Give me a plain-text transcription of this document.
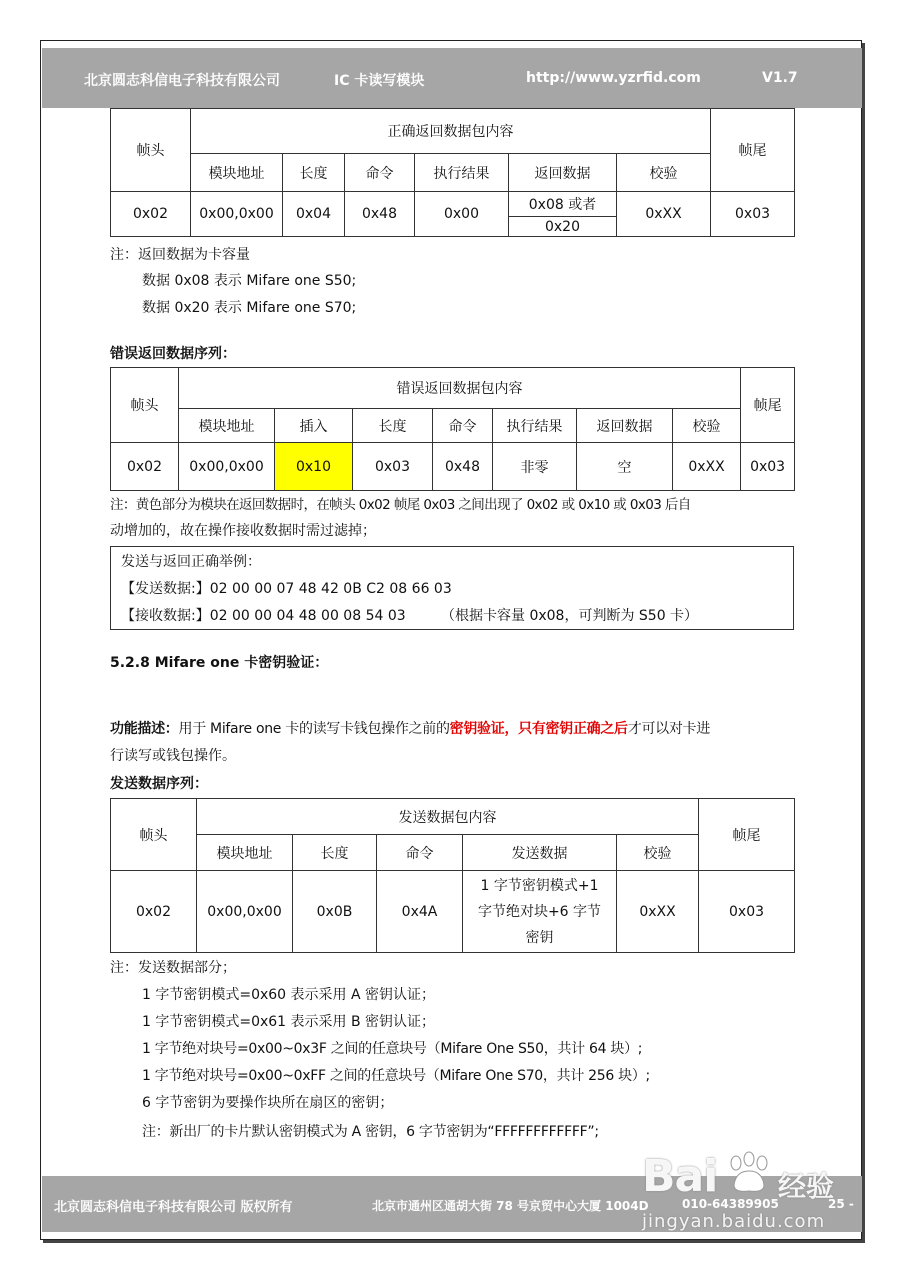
北京圆志科信电子科技有限公司	IC 卡读写模块	http://www.yzrfid.com	V1.7
帧头	正确返回数据包内容						帧尾
	模块地址	长度	命令	执行结果	返回数据	校验	
0x02	0x00,0x00	0x04	0x48	0x00	0x08 或者	0xXX	0x03
					0x20		
注：返回数据为卡容量
数据 0x08 表示 Mifare one S50;
数据 0x20 表示 Mifare one S70;
错误返回数据序列：
帧头	错误返回数据包内容							帧尾
	模块地址	插入	长度	命令	执行结果	返回数据	校验	
0x02	0x00,0x00	0x10	0x03	0x48	非零	空	0xXX	0x03
注：黄色部分为模块在返回数据时，在帧头 0x02 帧尾 0x03 之间出现了 0x02 或 0x10 或 0x03 后自
动增加的，故在操作接收数据时需过滤掉；
发送与返回正确举例：
【发送数据:】02 00 00 07 48 42 0B C2 08 66 03
【接收数据:】02 00 00 04 48 00 08 54 03	（根据卡容量 0x08，可判断为 S50 卡）
5.2.8 Mifare one 卡密钥验证：
功能描述：用于 Mifare one 卡的读写卡钱包操作之前的密钥验证，只有密钥正确之后才可以对卡进
行读写或钱包操作。
发送数据序列：
帧头	发送数据包内容					帧尾
	模块地址	长度	命令	发送数据	校验	
0x02	0x00,0x00	0x0B	0x4A	1 字节密钥模式+1
字节绝对块+6 字节
密钥	0xXX	0x03
注：发送数据部分；
1 字节密钥模式=0x60 表示采用 A 密钥认证；
1 字节密钥模式=0x61 表示采用 B 密钥认证；
1 字节绝对块号=0x00~0x3F 之间的任意块号（Mifare One S50，共计 64 块）;
1 字节绝对块号=0x00~0xFF 之间的任意块号（Mifare One S70，共计 256 块）;
6 字节密钥为要操作块所在扇区的密钥；
注：新出厂的卡片默认密钥模式为 A 密钥，6 字节密钥为“FFFFFFFFFFFF”;
北京圆志科信电子科技有限公司 版权所有	北京市通州区通胡大街 78 号京贸中心大厦 1004D	010-64389905	25 -
Bai 经验
jingyan.baidu.com
